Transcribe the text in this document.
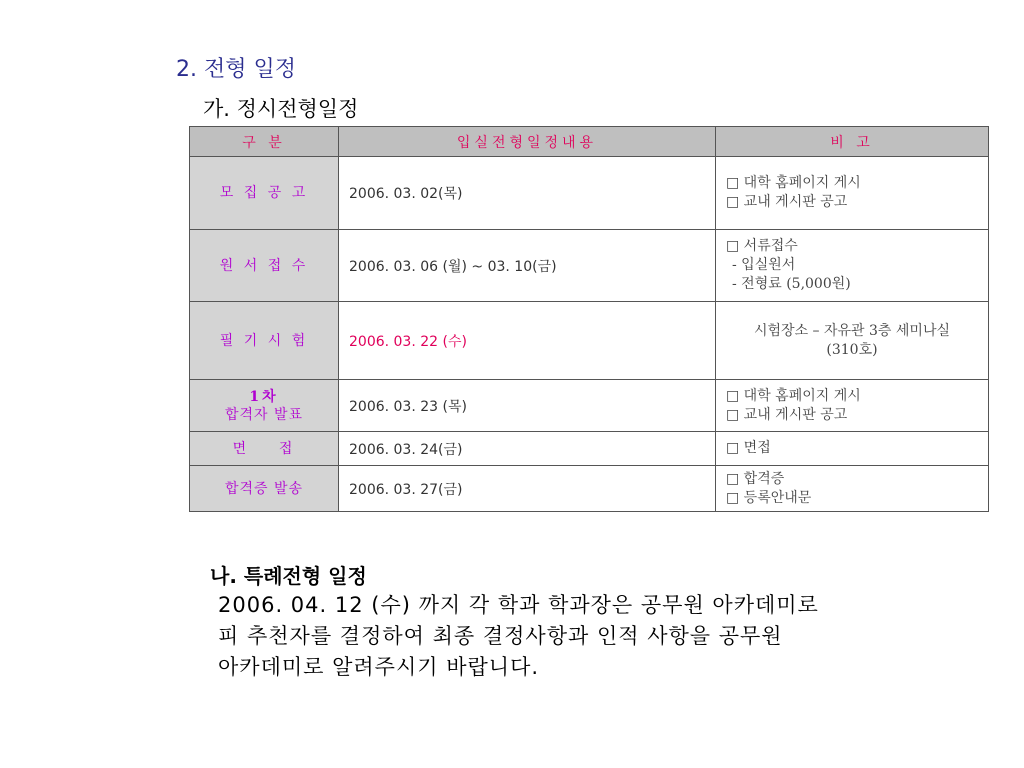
2. 전형 일정
가. 정시전형일정
구 분	입실전형일정내용	비 고
모 집 공 고	2006. 03. 02(목)	□ 대학 홈페이지 게시
□ 교내 게시판 공고

원 서 접 수	2006. 03. 06 (월) ~ 03. 10(금)	□ 서류접수
- 입실원서
- 전형료 (5,000원)

필 기 시 험	2006. 03. 22 (수)	시험장소 – 자유관 3층 세미나실
(310호)

1차
합격자 발표	2006. 03. 23 (목)	□ 대학 홈페이지 게시
□ 교내 게시판 공고

면    접	2006. 03. 24(금)	□ 면접

합격증 발송	2006. 03. 27(금)	□ 합격증
□ 등록안내문
나. 특례전형 일정
2006. 04. 12 (수) 까지 각 학과 학과장은 공무원 아카데미로
피 추천자를 결정하여 최종 결정사항과 인적 사항을 공무원
아카데미로 알려주시기 바랍니다.
